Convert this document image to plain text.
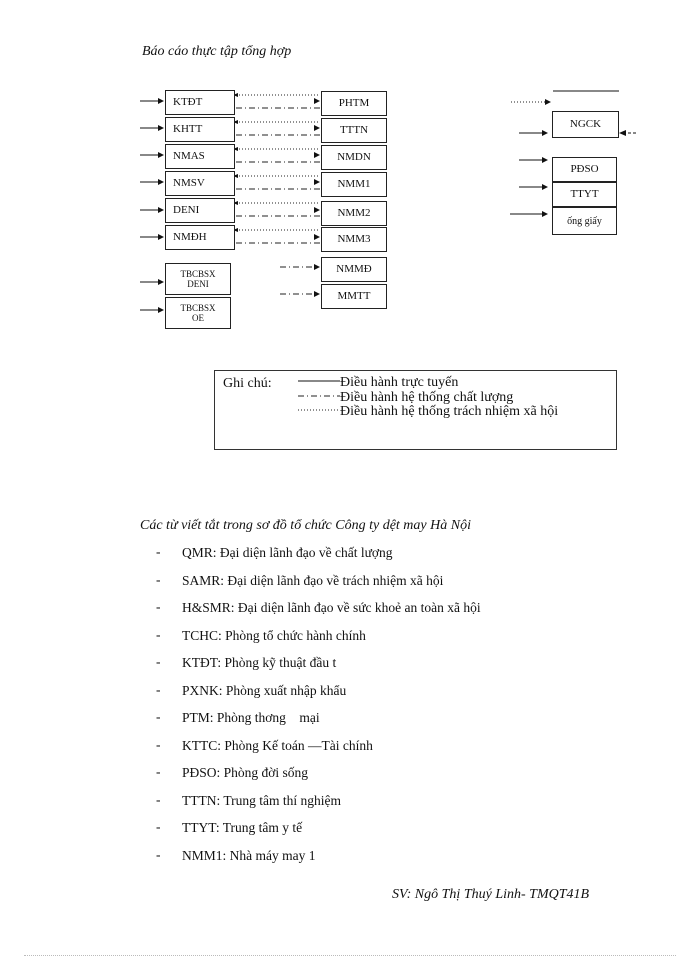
Báo cáo thực tập tổng hợp
KTĐT
KHTT
NMAS
NMSV
DENI
NMĐH
TBCBSX
DENI
TBCBSX
OE
PHTM
TTTN
NMDN
NMM1
NMM2
NMM3
NMMĐ
MMTT
NGCK
PĐSO
TTYT
ống giấy
Ghi chú:	Điều hành trực tuyến
Điều hành hệ thống chất lượng
Điều hành hệ thống trách nhiệm xã hội
Các từ viết tắt trong sơ đồ tổ chức Công ty dệt may Hà Nội
- QMR: Đại diện lãnh đạo về chất lượng
- SAMR: Đại diện lãnh đạo về trách nhiệm xã hội
- H&SMR: Đại diện lãnh đạo về sức khoẻ an toàn xã hội
- TCHC: Phòng tổ chức hành chính
- KTĐT: Phòng kỹ thuật đầu t
- PXNK: Phòng xuất nhập khẩu
- PTM: Phòng thơng    mại
- KTTC: Phòng Kế toán —Tài chính
- PĐSO: Phòng đời sống
- TTTN: Trung tâm thí nghiệm
- TTYT: Trung tâm y tế
- NMM1: Nhà máy may 1
SV: Ngô Thị Thuý Linh- TMQT41B
